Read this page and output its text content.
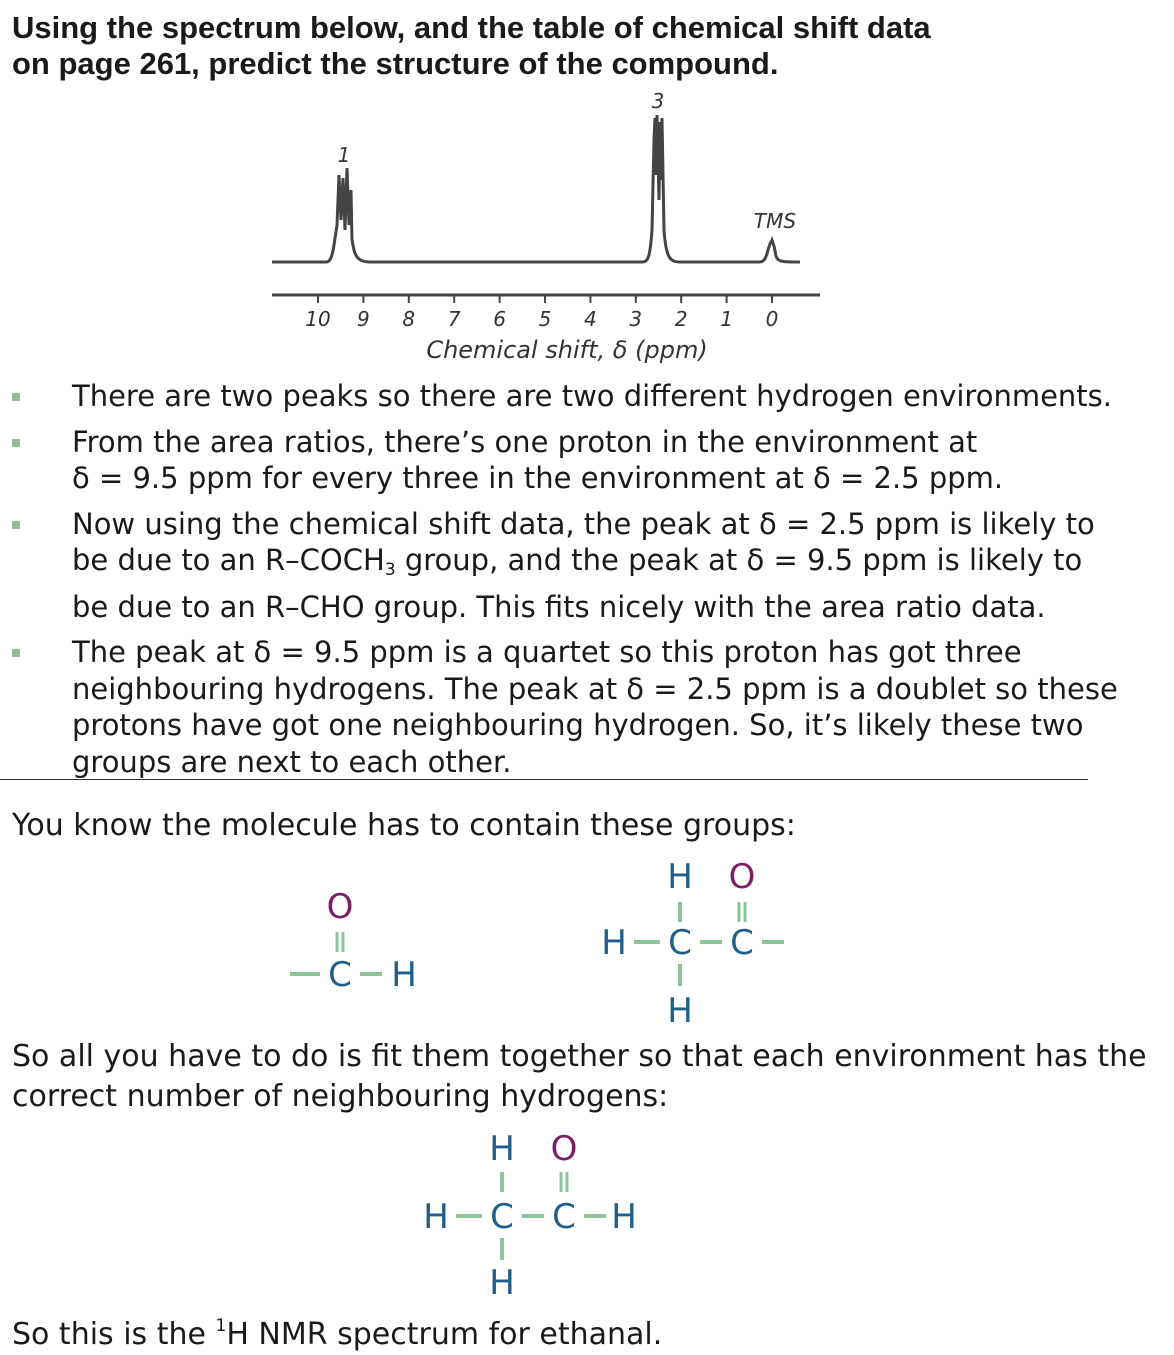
Using the spectrum below, and the table of chemical shift data
on page 261, predict the structure of the compound.
10 9 8 7 6 5 4 3 2 1 0
1
3
TMS
Chemical shift, δ (ppm)
There are two peaks so there are two different hydrogen environments.
From the area ratios, there’s one proton in the environment at
δ = 9.5 ppm for every three in the environment at δ = 2.5 ppm.
Now using the chemical shift data, the peak at δ = 2.5 ppm is likely to
be due to an $R-COCH_3$ group, and the peak at δ = 9.5 ppm is likely to
be due to an R–CHO group. This fits nicely with the area ratio data.
The peak at δ = 9.5 ppm is a quartet so this proton has got three
neighbouring hydrogens. The peak at δ = 2.5 ppm is a doublet so these
protons have got one neighbouring hydrogen. So, it’s likely these two
groups are next to each other.
You know the molecule has to contain these groups:
O
C H
H O
H C C
H
So all you have to do is fit them together so that each environment has the
correct number of neighbouring hydrogens:
H O
H C C H
H
So this is the $^1$H NMR spectrum for ethanal.
